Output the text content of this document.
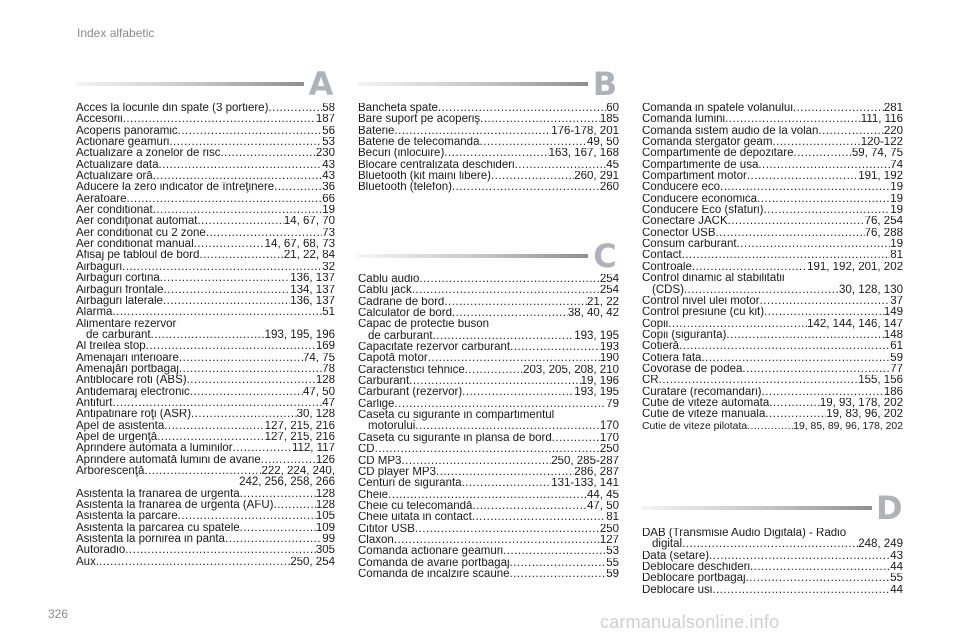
Index alfabetic
A
Acces la locurile din spate (3 portiere) .....	58
Accesorii .....	187
Acoperis panoramic .....	56
Actionare geamuri .....	53
Actualizare a zonelor de risc .....	230
Actualizare data .....	43
Actualizare oră .....	43
Aducere la zero indicator de întreţinere .....	36
Aeratoare .....	66
Aer conditionat .....	19
Aer condiţionat automat .....	14, 67, 70
Aer conditionat cu 2 zone .....	73
Aer conditionat manual .....	14, 67, 68, 73
Afisaj pe tabloul de bord .....	21, 22, 84
Airbaguri .....	32
Airbaguri cortina .....	136, 137
Airbaguri frontale .....	134, 137
Airbaguri laterale .....	136, 137
Alarma .....	51
Alimentare rezervor
de carburant .....	193, 195, 196
Al treilea stop .....	169
Amenajari interioare .....	74, 75
Amenajări portbagaj .....	78
Antiblocare roti (ABS) .....	128
Antidemaraj electronic .....	47, 50
Antifurt .....	47
Antipatinare roţi (ASR) .....	30, 128
Apel de asistenta .....	127, 215, 216
Apel de urgenţă .....	127, 215, 216
Aprindere automata a luminilor .....	112, 117
Aprindere automată lumini de avarie .....	126
Arborescenţă .....	222, 224, 240,
242, 256, 258, 266
Asistenta la franarea de urgenta .....	128
Asistenta la franarea de urgenta (AFU) .....	128
Asistenta la parcare .....	105
Asistenta la parcarea cu spatele .....	109
Asistenta la pornirea in panta .....	99
Autoradio .....	305
Aux. .....	250, 254
B
Bancheta spate .....	60
Bare suport pe acoperiş .....	185
Baterie .....	176-178, 201
Baterie de telecomanda .....	49, 50
Becuri (inlocuire) .....	163, 167, 168
Blocare centralizata deschideri .....	45
Bluetooth (kit maini libere) .....	260, 291
Bluetooth (telefon) .....	260
C
Cablu audio .....	254
Cablu jack .....	254
Cadrane de bord .....	21, 22
Calculator de bord .....	38, 40, 42
Capac de protectie buson
de carburant .....	193, 195
Capacitate rezervor carburant .....	193
Capotă motor .....	190
Caracteristici tehnice .....	203, 205, 208, 210
Carburant .....	19, 196
Carburant (rezervor) .....	193, 195
Carlige .....	79
Caseta cu sigurante in compartimentul
motorului .....	170
Caseta cu sigurante in plansa de bord .....	170
CD .....	250
CD MP3 .....	250, 285-287
CD player MP3 .....	286, 287
Centuri de siguranta .....	131-133, 141
Cheie .....	44, 45
Cheie cu telecomandă .....	47, 50
Cheie uitata in contact .....	81
Cititor USB .....	250
Claxon .....	127
Comanda actionare geamuri .....	53
Comanda de avarie portbagaj .....	55
Comanda de incalzire scaune .....	59
Comanda in spatele volanului .....	281
Comanda lumini .....	111, 116
Comanda sistem audio de la volan .....	220
Comanda stergator geam .....	120-122
Compartimente de depozitare .....	59, 74, 75
Compartimente de usa .....	74
Compartiment motor .....	191, 192
Conducere eco .....	19
Conducere economica .....	19
Conducere Eco (sfaturi) .....	19
Conectare JACK .....	76, 254
Conector USB .....	76, 288
Consum carburant .....	19
Contact .....	81
Controale .....	191, 192, 201, 202
Control dinamic al stabilitatii
(CDS) .....	30, 128, 130
Control nivel ulei motor .....	37
Control presiune (cu kit) .....	149
Copii .....	142, 144, 146, 147
Copii (siguranta) .....	148
Cotieră .....	61
Cotiera fata .....	59
Covorase de podea .....	77
CR .....	155, 156
Curatare (recomandari) .....	186
Cutie de viteze automata .....	19, 93, 178, 202
Cutie de viteze manuala .....	19, 83, 96, 202
Cutie de viteze pilotata .....	19, 85, 89, 96, 178, 202
D
DAB (Transmisie Audio Digitala) - Radio
digital .....	248, 249
Data (setare) .....	43
Deblocare deschideri .....	44
Deblocare portbagaj .....	55
Deblocare usi .....	44
326	carmanualsonline.info
